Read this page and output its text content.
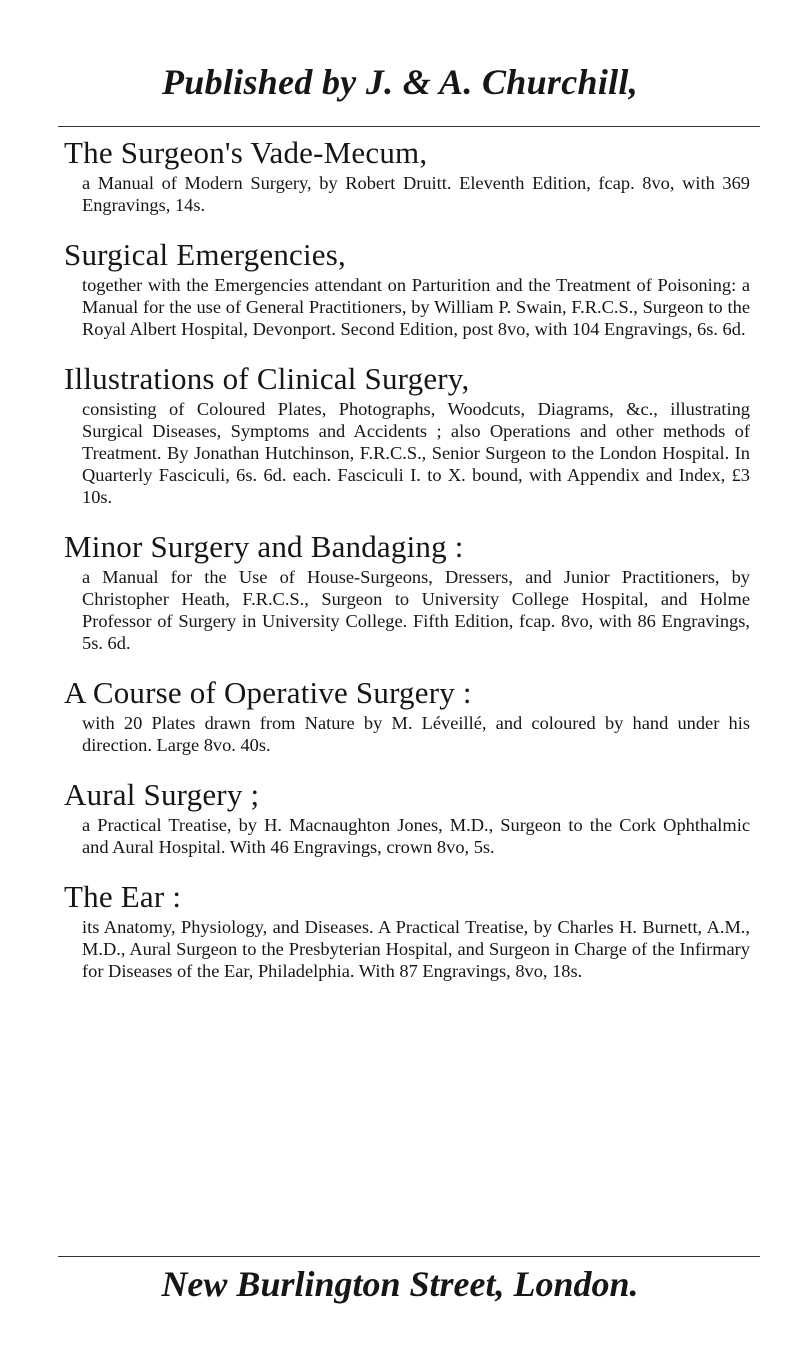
Published by J. & A. Churchill,
The Surgeon's Vade-Mecum,

a Manual of Modern Surgery, by Robert Druitt. Eleventh Edition, fcap. 8vo, with 369 Engravings, 14s.

Surgical Emergencies,

together with the Emergencies attendant on Parturition and the Treatment of Poisoning: a Manual for the use of General Practitioners, by William P. Swain, F.R.C.S., Surgeon to the Royal Albert Hospital, Devonport. Second Edition, post 8vo, with 104 Engravings, 6s. 6d.

Illustrations of Clinical Surgery,

consisting of Coloured Plates, Photographs, Woodcuts, Diagrams, &c., illustrating Surgical Diseases, Symptoms and Accidents ; also Operations and other methods of Treatment. By Jonathan Hutchinson, F.R.C.S., Senior Surgeon to the London Hospital. In Quarterly Fasciculi, 6s. 6d. each. Fasciculi I. to X. bound, with Appendix and Index, £3 10s.

Minor Surgery and Bandaging :

a Manual for the Use of House-Surgeons, Dressers, and Junior Practitioners, by Christopher Heath, F.R.C.S., Surgeon to University College Hospital, and Holme Professor of Surgery in University College. Fifth Edition, fcap. 8vo, with 86 Engravings, 5s. 6d.

A Course of Operative Surgery :

with 20 Plates drawn from Nature by M. Léveillé, and coloured by hand under his direction. Large 8vo. 40s.

Aural Surgery ;

a Practical Treatise, by H. Macnaughton Jones, M.D., Surgeon to the Cork Ophthalmic and Aural Hospital. With 46 Engravings, crown 8vo, 5s.

The Ear :

its Anatomy, Physiology, and Diseases. A Practical Treatise, by Charles H. Burnett, A.M., M.D., Aural Surgeon to the Presbyterian Hospital, and Surgeon in Charge of the Infirmary for Diseases of the Ear, Philadelphia. With 87 Engravings, 8vo, 18s.

New Burlington Street, London.
